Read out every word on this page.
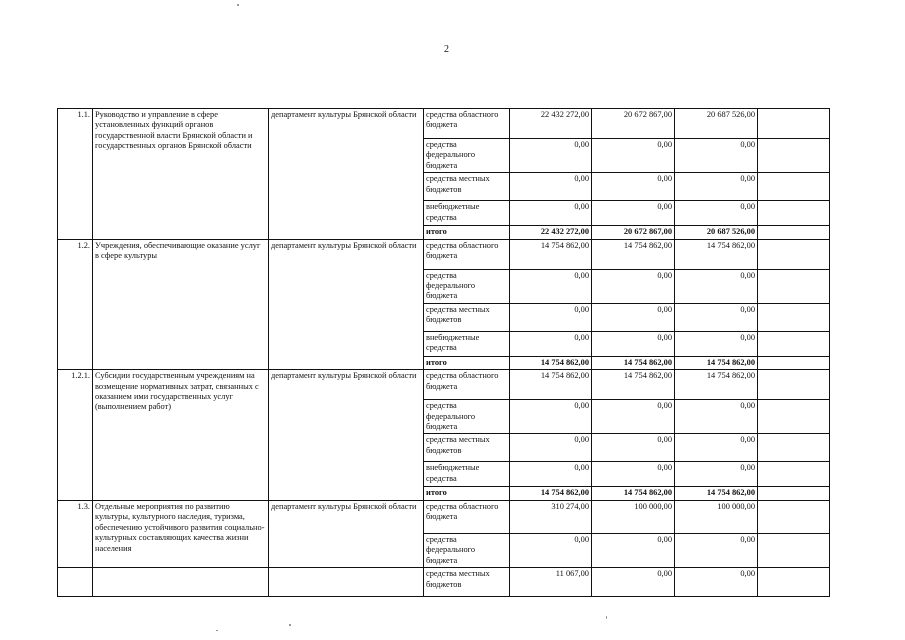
2
1.1.	Руководство и управление в сфере установленных функций органов государственной власти Брянской области и государственных органов Брянской области	департамент культуры Брянской области	средства областного бюджета	22 432 272,00	20 672 867,00	20 687 526,00	
			средства федерального бюджета	0,00	0,00	0,00	
			средства местных бюджетов	0,00	0,00	0,00	
			внебюджетные средства	0,00	0,00	0,00	
			итого	22 432 272,00	20 672 867,00	20 687 526,00	
1.2.	Учреждения, обеспечивающие оказание услуг в сфере культуры	департамент культуры Брянской области	средства областного бюджета	14 754 862,00	14 754 862,00	14 754 862,00	
			средства федерального бюджета	0,00	0,00	0,00	
			средства местных бюджетов	0,00	0,00	0,00	
			внебюджетные средства	0,00	0,00	0,00	
			итого	14 754 862,00	14 754 862,00	14 754 862,00	
1.2.1.	Субсидии государственным учреждениям на возмещение нормативных затрат, связанных с оказанием ими государственных услуг (выполнением работ)	департамент культуры Брянской области	средства областного бюджета	14 754 862,00	14 754 862,00	14 754 862,00	
			средства федерального бюджета	0,00	0,00	0,00	
			средства местных бюджетов	0,00	0,00	0,00	
			внебюджетные средства	0,00	0,00	0,00	
			итого	14 754 862,00	14 754 862,00	14 754 862,00	
1.3.	Отдельные мероприятия по развитию культуры, культурного наследия, туризма, обеспечению устойчивого развития социально-культурных составляющих качества жизни населения	департамент культуры Брянской области	средства областного бюджета	310 274,00	100 000,00	100 000,00	
			средства федерального бюджета	0,00	0,00	0,00	
			средства местных бюджетов	11 067,00	0,00	0,00	
